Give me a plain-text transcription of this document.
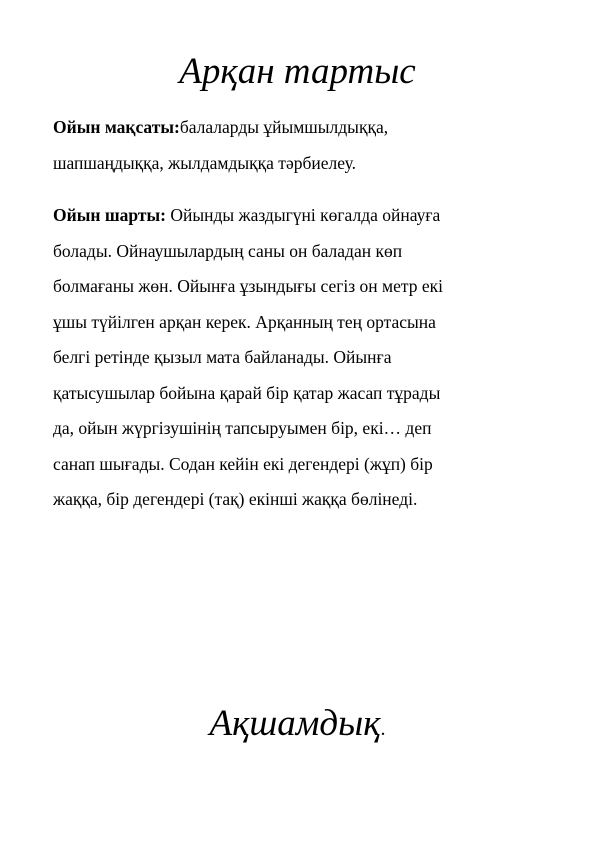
Арқан тартыс

Ойын мақсаты:балаларды ұйымшылдыққа,
шапшаңдыққа, жылдамдыққа тәрбиелеу.

Ойын шарты: Ойынды жаздыгүні көгалда ойнауға
болады. Ойнаушылардың саны он баладан көп
болмағаны жөн. Ойынға ұзындығы сегіз он метр екі
ұшы түйілген арқан керек. Арқанның тең ортасына
белгі ретінде қызыл мата байланады. Ойынға
қатысушылар бойына қарай бір қатар жасап тұрады
да, ойын жүргізушінің тапсыруымен бір, екі… деп
санап шығады. Содан кейін екі дегендері (жұп) бір
жаққа, бір дегендері (тақ) екінші жаққа бөлінеді.

Ақшамдық.
